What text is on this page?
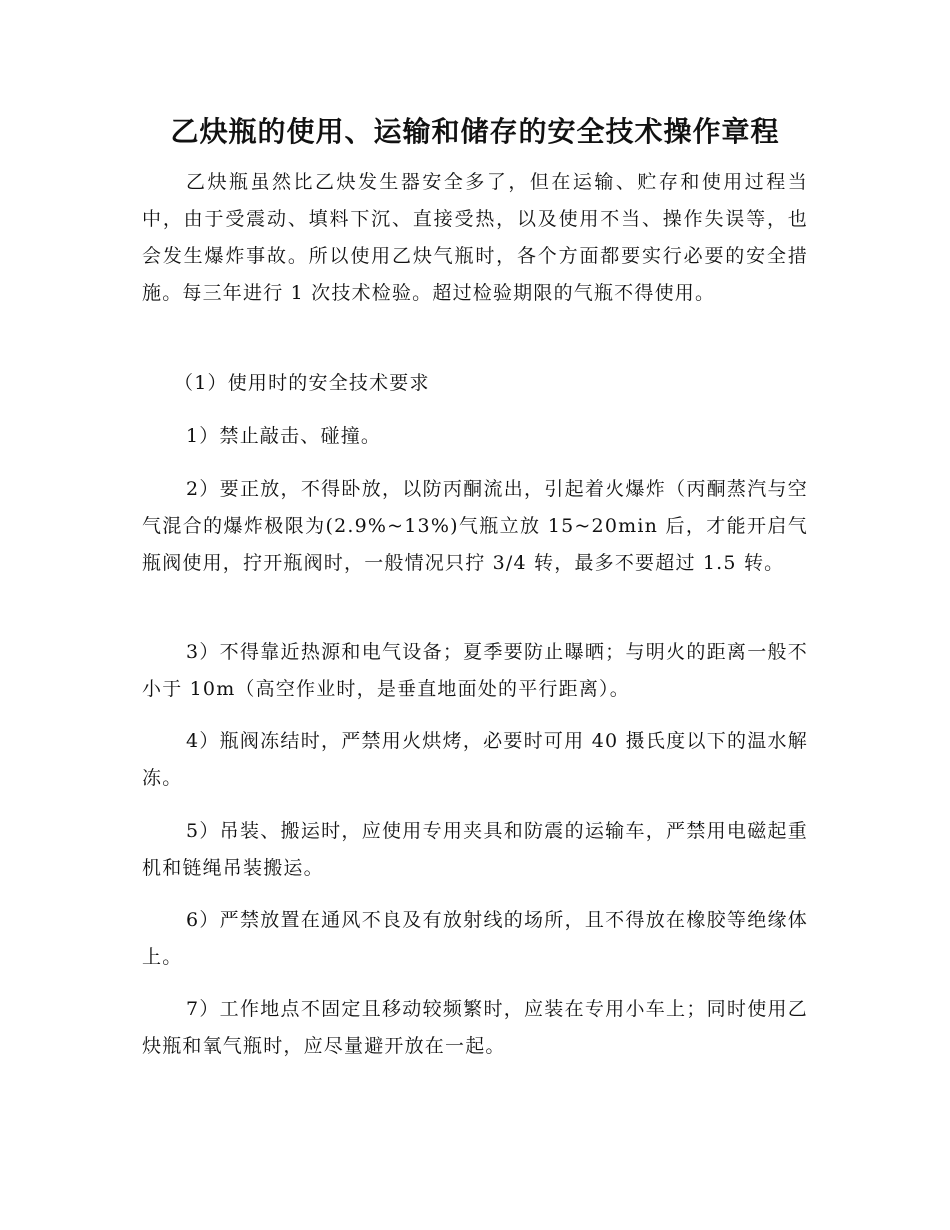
乙炔瓶的使用、运输和储存的安全技术操作章程

乙炔瓶虽然比乙炔发生器安全多了，但在运输、贮存和使用过程当中，由于受震动、填料下沉、直接受热，以及使用不当、操作失误等，也会发生爆炸事故。所以使用乙炔气瓶时，各个方面都要实行必要的安全措施。每三年进行 1 次技术检验。超过检验期限的气瓶不得使用。

（1）使用时的安全技术要求

1）禁止敲击、碰撞。

2）要正放，不得卧放，以防丙酮流出，引起着火爆炸（丙酮蒸汽与空气混合的爆炸极限为(2.9%~13%)气瓶立放 15~20min 后，才能开启气瓶阀使用，拧开瓶阀时，一般情况只拧 3/4 转，最多不要超过 1.5 转。

3）不得靠近热源和电气设备；夏季要防止曝晒；与明火的距离一般不小于 10m（高空作业时，是垂直地面处的平行距离）。

4）瓶阀冻结时，严禁用火烘烤，必要时可用 40 摄氏度以下的温水解冻。

5）吊装、搬运时，应使用专用夹具和防震的运输车，严禁用电磁起重机和链绳吊装搬运。

6）严禁放置在通风不良及有放射线的场所，且不得放在橡胶等绝缘体上。

7）工作地点不固定且移动较频繁时，应装在专用小车上；同时使用乙炔瓶和氧气瓶时，应尽量避开放在一起。
